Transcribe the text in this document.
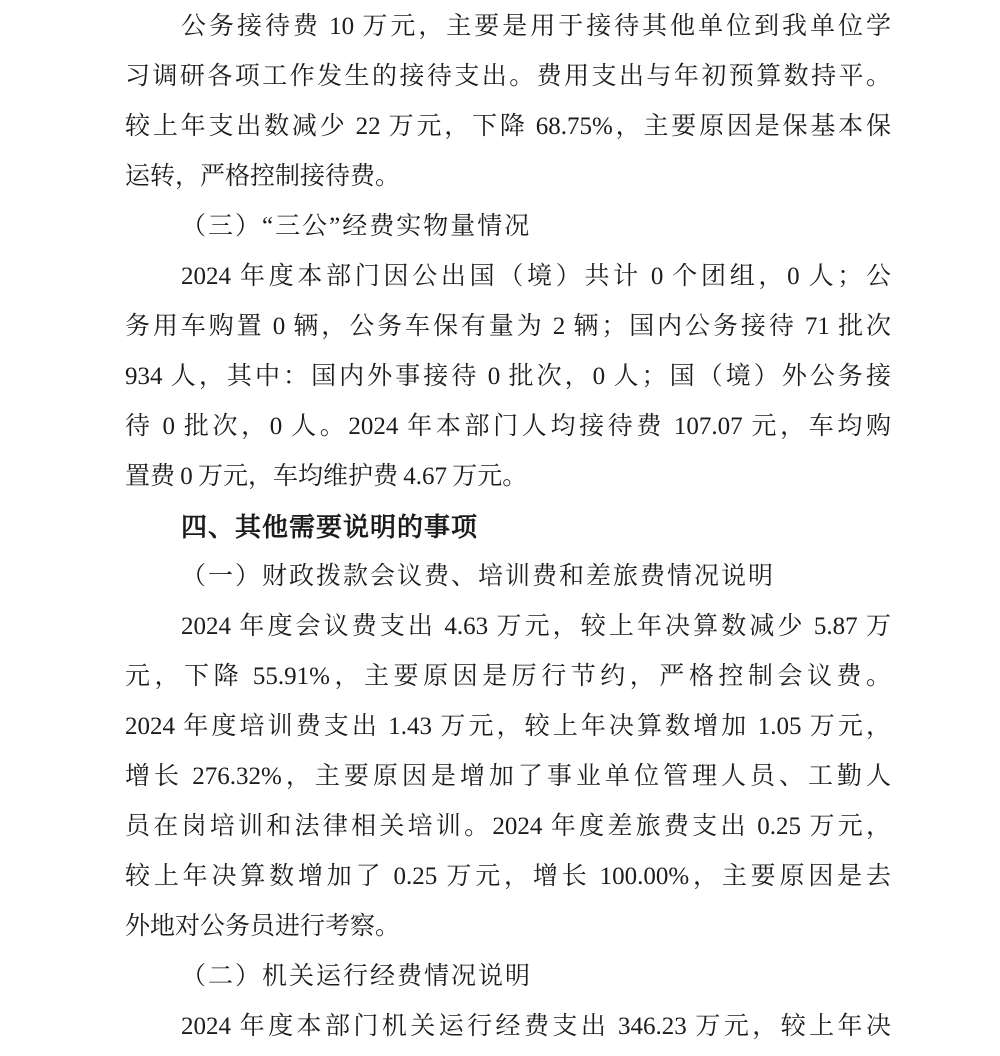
公务接待费 10 万元，主要是用于接待其他单位到我单位学
习调研各项工作发生的接待支出。费用支出与年初预算数持平。
较上年支出数减少 22 万元，下降 68.75%，主要原因是保基本保
运转，严格控制接待费。
（三）“三公”经费实物量情况
2024 年度本部门因公出国（境）共计 0 个团组，0 人；公
务用车购置 0 辆，公务车保有量为 2 辆；国内公务接待 71 批次
934 人，其中：国内外事接待 0 批次，0 人；国（境）外公务接
待 0 批次，0 人。2024 年本部门人均接待费 107.07 元，车均购
置费 0 万元，车均维护费 4.67 万元。
四、其他需要说明的事项
（一）财政拨款会议费、培训费和差旅费情况说明
2024 年度会议费支出 4.63 万元，较上年决算数减少 5.87 万
元，下降 55.91%，主要原因是厉行节约，严格控制会议费。
2024 年度培训费支出 1.43 万元，较上年决算数增加 1.05 万元，
增长 276.32%，主要原因是增加了事业单位管理人员、工勤人
员在岗培训和法律相关培训。2024 年度差旅费支出 0.25 万元，
较上年决算数增加了 0.25 万元，增长 100.00%，主要原因是去
外地对公务员进行考察。
（二）机关运行经费情况说明
2024 年度本部门机关运行经费支出 346.23 万元，较上年决
